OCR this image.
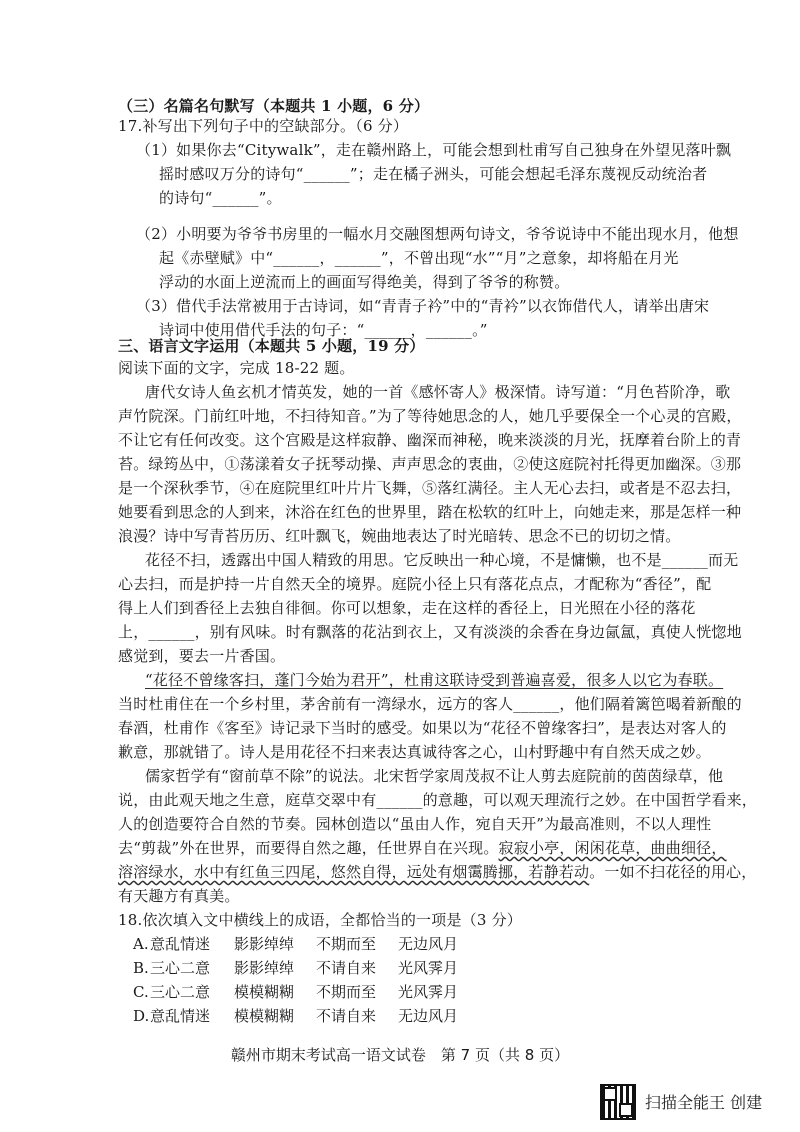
（三）名篇名句默写（本题共 1 小题，6 分）
17.补写出下列句子中的空缺部分。（6 分）
（1）如果你去“Citywalk”，走在赣州路上，可能会想到杜甫写自己独身在外望见落叶飘
摇时感叹万分的诗句“______”；走在橘子洲头，可能会想起毛泽东蔑视反动统治者
的诗句“______”。
（2）小明要为爷爷书房里的一幅水月交融图想两句诗文，爷爷说诗中不能出现水月，他想
起《赤壁赋》中“______，______”，不曾出现“水”“月”之意象，却将船在月光
浮动的水面上逆流而上的画面写得绝美，得到了爷爷的称赞。
（3）借代手法常被用于古诗词，如“青青子衿”中的“青衿”以衣饰借代人，请举出唐宋
诗词中使用借代手法的句子：“______，______。”
三、语言文字运用（本题共 5 小题，19 分）
阅读下面的文字，完成 18-22 题。
唐代女诗人鱼玄机才情英发，她的一首《感怀寄人》极深情。诗写道：“月色苔阶净，歌
声竹院深。门前红叶地，不扫待知音。”为了等待她思念的人，她几乎要保全一个心灵的宫殿，
不让它有任何改变。这个宫殿是这样寂静、幽深而神秘，晚来淡淡的月光，抚摩着台阶上的青
苔。绿筠丛中，①荡漾着女子抚琴动操、声声思念的衷曲，②使这庭院衬托得更加幽深。③那
是一个深秋季节，④在庭院里红叶片片飞舞，⑤落红满径。主人无心去扫，或者是不忍去扫，
她要看到思念的人到来，沐浴在红色的世界里，踏在松软的红叶上，向她走来，那是怎样一种
浪漫？诗中写青苔历历、红叶飘飞，婉曲地表达了时光暗转、思念不已的切切之情。
花径不扫，透露出中国人精致的用思。它反映出一种心境，不是慵懒，也不是______而无
心去扫，而是护持一片自然天全的境界。庭院小径上只有落花点点，才配称为“香径”，配
得上人们到香径上去独自徘徊。你可以想象，走在这样的香径上，日光照在小径的落花
上，______，别有风味。时有飘落的花沾到衣上，又有淡淡的余香在身边氤氲，真使人恍惚地
感觉到，要去一片香国。
“花径不曾缘客扫，蓬门今始为君开”，杜甫这联诗受到普遍喜爱，很多人以它为春联。
当时杜甫住在一个乡村里，茅舍前有一湾绿水，远方的客人______，他们隔着篱笆喝着新酿的
春酒，杜甫作《客至》诗记录下当时的感受。如果以为“花径不曾缘客扫”，是表达对客人的
歉意，那就错了。诗人是用花径不扫来表达真诚待客之心，山村野趣中有自然天成之妙。
儒家哲学有“窗前草不除”的说法。北宋哲学家周茂叔不让人剪去庭院前的茵茵绿草，他
说，由此观天地之生意，庭草交翠中有______的意趣，可以观天理流行之妙。在中国哲学看来，
人的创造要符合自然的节奏。园林创造以“虽由人作，宛自天开”为最高准则，不以人理性
去“剪裁”外在世界，而要得自然之趣，任世界自在兴现。寂寂小亭，闲闲花草，曲曲细径，
溶溶绿水，水中有红鱼三四尾，悠然自得，远处有烟霭腾挪，若静若动。一如不扫花径的用心，
有天趣方有真美。
18.依次填入文中横线上的成语，全都恰当的一项是（3 分）
A. 意乱情迷 影影绰绰 不期而至 无边风月
B. 三心二意 影影绰绰 不请自来 光风霁月
C. 三心二意 模模糊糊 不期而至 光风霁月
D. 意乱情迷 模模糊糊 不请自来 无边风月
赣州市期末考试高一语文试卷　第 7 页（共 8 页）
扫描全能王 创建
